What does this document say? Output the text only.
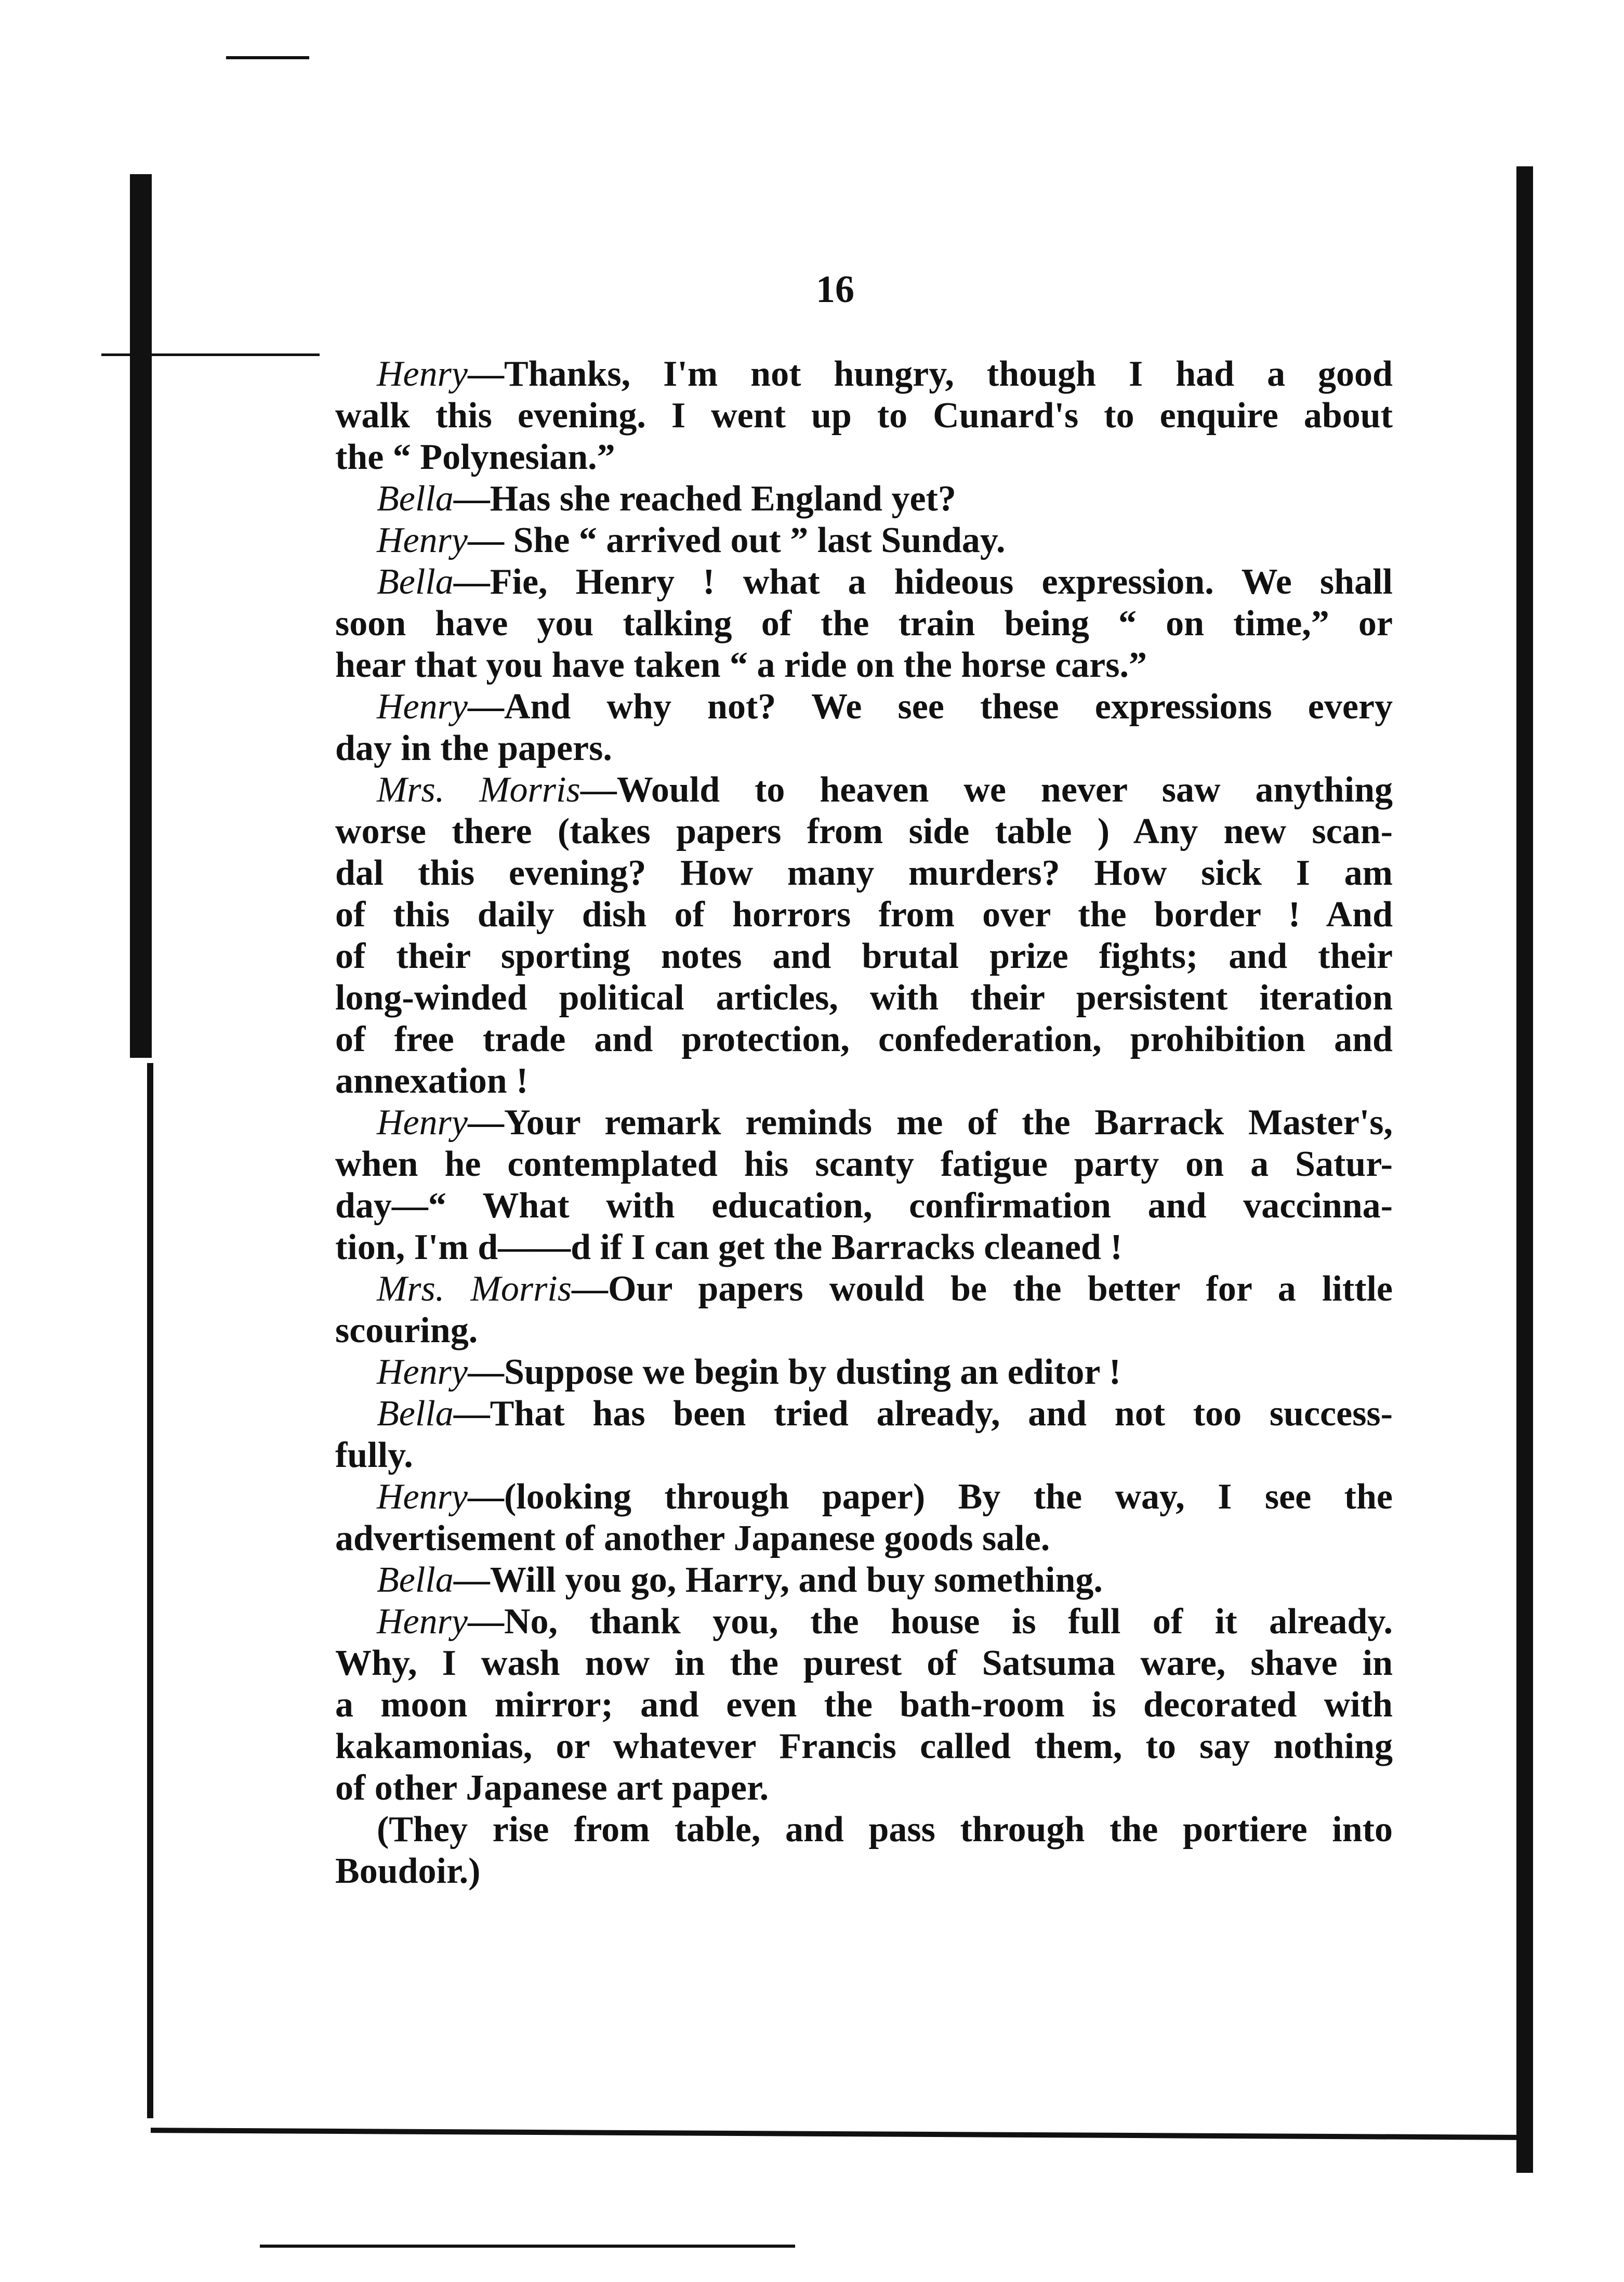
16
Henry—Thanks, I'm not hungry, though I had a good
walk this evening. I went up to Cunard's to enquire about
the “ Polynesian.”
Bella—Has she reached England yet?
Henry— She “ arrived out ” last Sunday.
Bella—Fie, Henry ! what a hideous expression. We shall
soon have you talking of the train being “ on time,” or
hear that you have taken “ a ride on the horse cars.”
Henry—And why not? We see these expressions every
day in the papers.
Mrs. Morris—Would to heaven we never saw anything
worse there (takes papers from side table ) Any new scan-
dal this evening? How many murders? How sick I am
of this daily dish of horrors from over the border ! And
of their sporting notes and brutal prize fights; and their
long-winded political articles, with their persistent iteration
of free trade and protection, confederation, prohibition and
annexation !
Henry—Your remark reminds me of the Barrack Master's,
when he contemplated his scanty fatigue party on a Satur-
day—“ What with education, confirmation and vaccinna-
tion, I'm d——d if I can get the Barracks cleaned !
Mrs. Morris—Our papers would be the better for a little
scouring.
Henry—Suppose we begin by dusting an editor !
Bella—That has been tried already, and not too success-
fully.
Henry—(looking through paper) By the way, I see the
advertisement of another Japanese goods sale.
Bella—Will you go, Harry, and buy something.
Henry—No, thank you, the house is full of it already.
Why, I wash now in the purest of Satsuma ware, shave in
a moon mirror; and even the bath-room is decorated with
kakamonias, or whatever Francis called them, to say nothing
of other Japanese art paper.
(They rise from table, and pass through the portiere into
Boudoir.)
